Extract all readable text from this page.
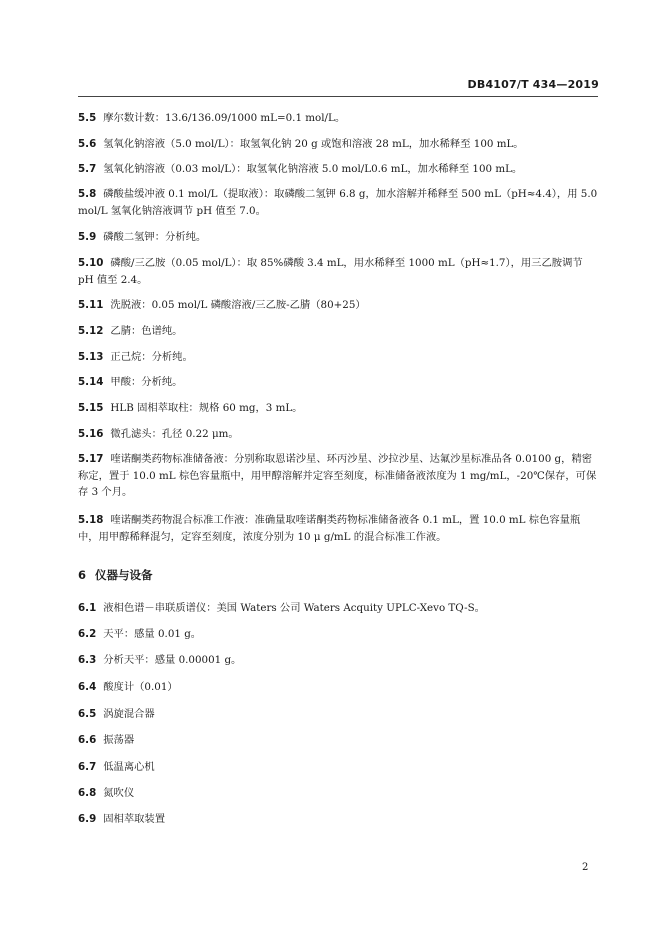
DB4107/T 434—2019
5.5 摩尔数计数：13.6/136.09/1000 mL=0.1 mol/L。
5.6 氢氧化钠溶液（5.0 mol/L）：取氢氧化钠 20 g 或饱和溶液 28 mL，加水稀释至 100 mL。
5.7 氢氧化钠溶液（0.03 mol/L）：取氢氧化钠溶液 5.0 mol/L0.6 mL，加水稀释至 100 mL。
5.8 磷酸盐缓冲液 0.1 mol/L（提取液）：取磷酸二氢钾 6.8 g，加水溶解并稀释至 500 mL（pH≈4.4），用 5.0 mol/L 氢氧化钠溶液调节 pH 值至 7.0。
5.9 磷酸二氢钾：分析纯。
5.10 磷酸/三乙胺（0.05 mol/L）：取 85%磷酸 3.4 mL，用水稀释至 1000 mL（pH≈1.7），用三乙胺调节 pH 值至 2.4。
5.11 洗脱液：0.05 mol/L 磷酸溶液/三乙胺-乙腈（80+25）
5.12 乙腈：色谱纯。
5.13 正己烷：分析纯。
5.14 甲酸：分析纯。
5.15 HLB 固相萃取柱：规格 60 mg，3 mL。
5.16 微孔滤头：孔径 0.22 μm。
5.17 喹诺酮类药物标准储备液：分别称取恩诺沙星、环丙沙星、沙拉沙星、达氟沙星标准品各 0.0100 g，精密称定，置于 10.0 mL 棕色容量瓶中，用甲醇溶解并定容至刻度，标准储备液浓度为 1 mg/mL，-20℃保存，可保存 3 个月。
5.18 喹诺酮类药物混合标准工作液：准确量取喹诺酮类药物标准储备液各 0.1 mL，置 10.0 mL 棕色容量瓶中，用甲醇稀释混匀，定容至刻度，浓度分别为 10 μ g/mL 的混合标准工作液。
6 仪器与设备
6.1 液相色谱－串联质谱仪：美国 Waters 公司 Waters Acquity UPLC-Xevo TQ-S。
6.2 天平：感量 0.01 g。
6.3 分析天平：感量 0.00001 g。
6.4 酸度计（0.01）
6.5 涡旋混合器
6.6 振荡器
6.7 低温离心机
6.8 氮吹仪
6.9 固相萃取装置
2
